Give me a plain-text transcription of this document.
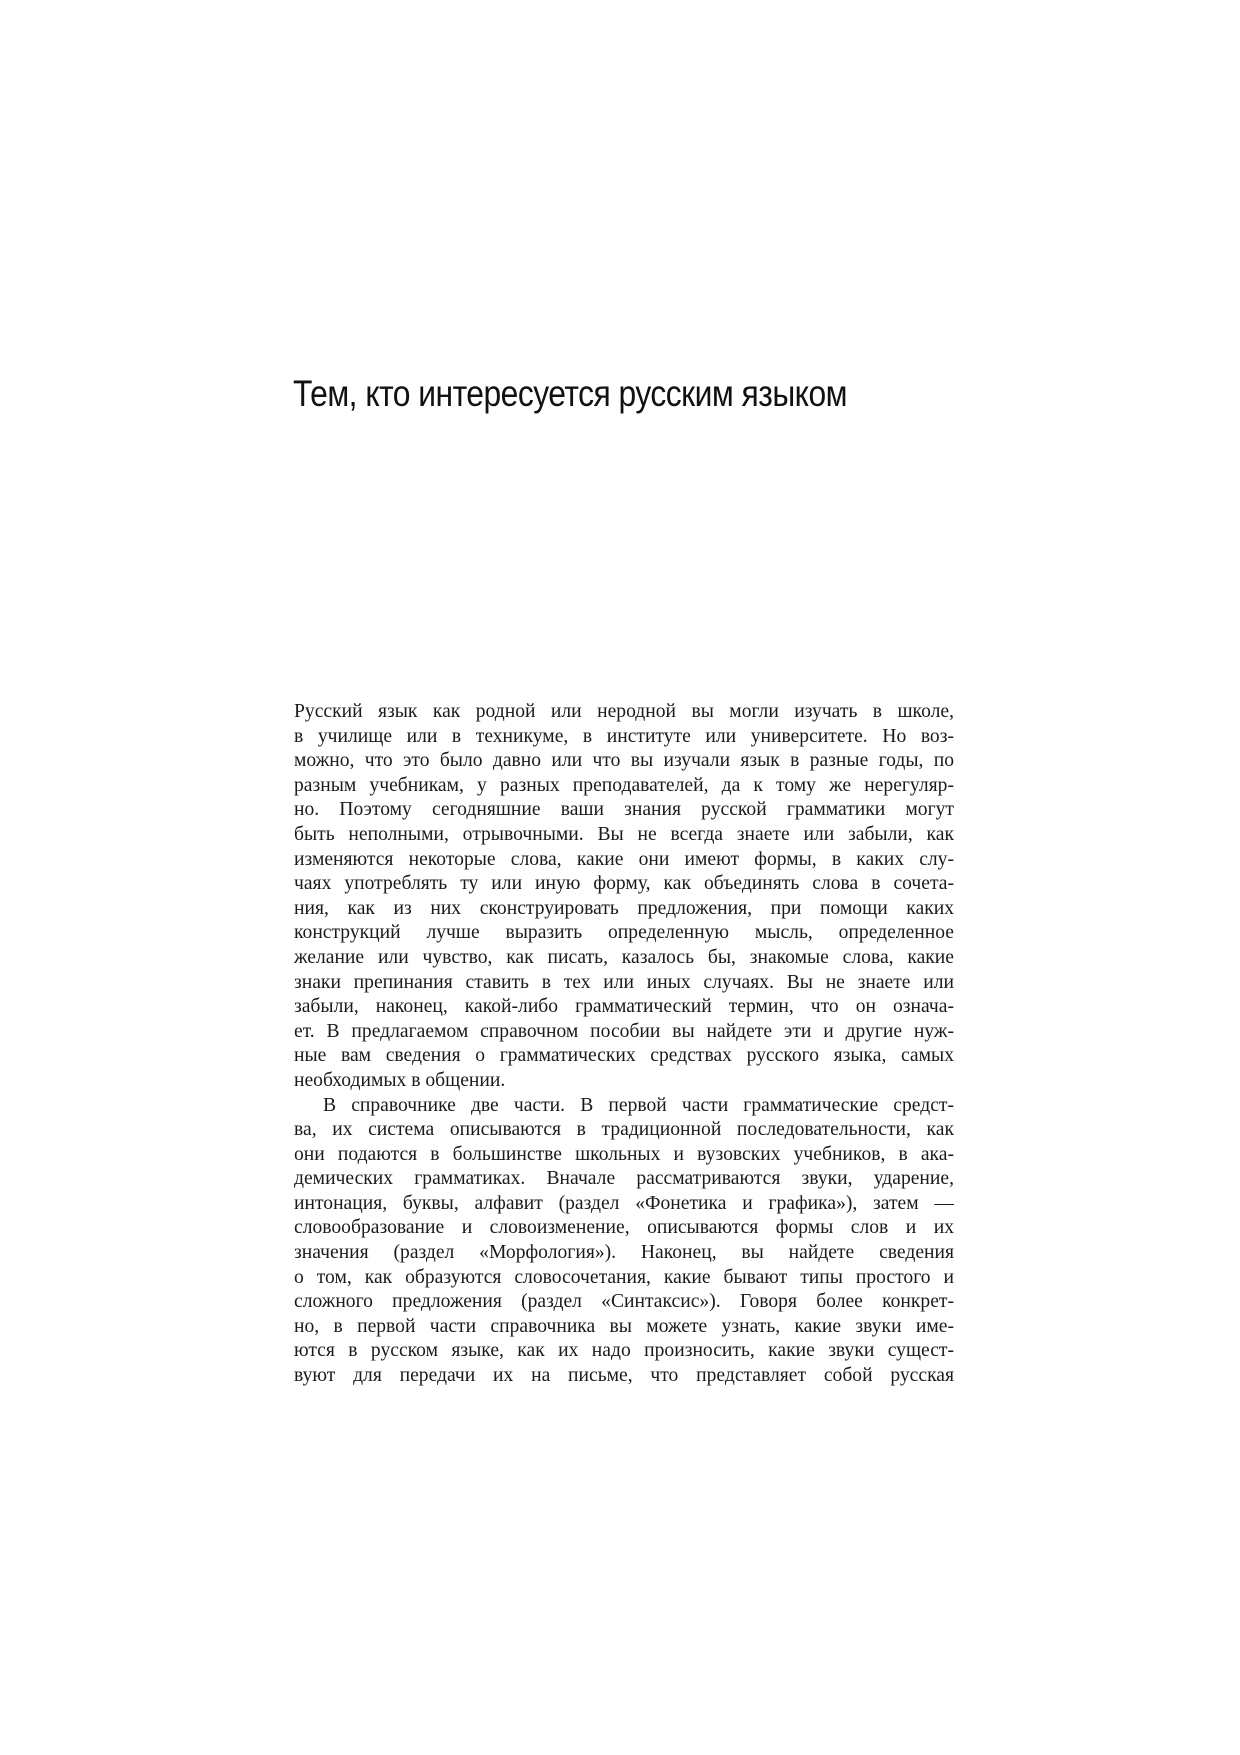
Тем, кто интересуется русским языком
Русский язык как родной или неродной вы могли изучать в школе,
в училище или в техникуме, в институте или университете. Но воз-
можно, что это было давно или что вы изучали язык в разные годы, по
разным учебникам, у разных преподавателей, да к тому же нерегуляр-
но. Поэтому сегодняшние ваши знания русской грамматики могут
быть неполными, отрывочными. Вы не всегда знаете или забыли, как
изменяются некоторые слова, какие они имеют формы, в каких слу-
чаях употреблять ту или иную форму, как объединять слова в сочета-
ния, как из них сконструировать предложения, при помощи каких
конструкций лучше выразить определенную мысль, определенное
желание или чувство, как писать, казалось бы, знакомые слова, какие
знаки препинания ставить в тех или иных случаях. Вы не знаете или
забыли, наконец, какой-либо грамматический термин, что он означа-
ет. В предлагаемом справочном пособии вы найдете эти и другие нуж-
ные вам сведения о грамматических средствах русского языка, самых
необходимых в общении.
В справочнике две части. В первой части грамматические средст-
ва, их система описываются в традиционной последовательности, как
они подаются в большинстве школьных и вузовских учебников, в ака-
демических грамматиках. Вначале рассматриваются звуки, ударение,
интонация, буквы, алфавит (раздел «Фонетика и графика»), затем —
словообразование и словоизменение, описываются формы слов и их
значения (раздел «Морфология»). Наконец, вы найдете сведения
о том, как образуются словосочетания, какие бывают типы простого и
сложного предложения (раздел «Синтаксис»). Говоря более конкрет-
но, в первой части справочника вы можете узнать, какие звуки име-
ются в русском языке, как их надо произносить, какие звуки сущест-
вуют для передачи их на письме, что представляет собой русская
